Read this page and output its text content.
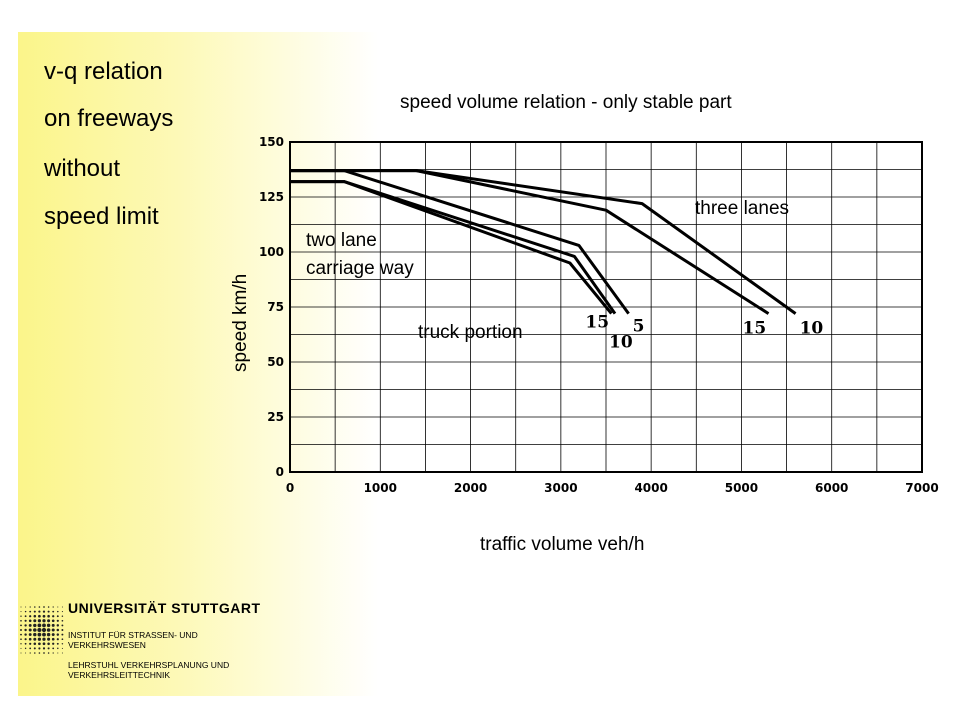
v-q relation
on freeways
without
speed limit
speed volume relation - only stable part
0
25
50
75
100
125
150
0	1000	2000	3000	4000	5000	6000	7000
15
10
5	15 10
speed km/h
traffic volume veh/h
two lane
carriage way
three lanes
truck portion
UNIVERSITÄT STUTTGART
INSTITUT FÜR STRASSEN- UND VERKEHRSWESEN
LEHRSTUHL VERKEHRSPLANUNG UND VERKEHRSLEITTECHNIK
